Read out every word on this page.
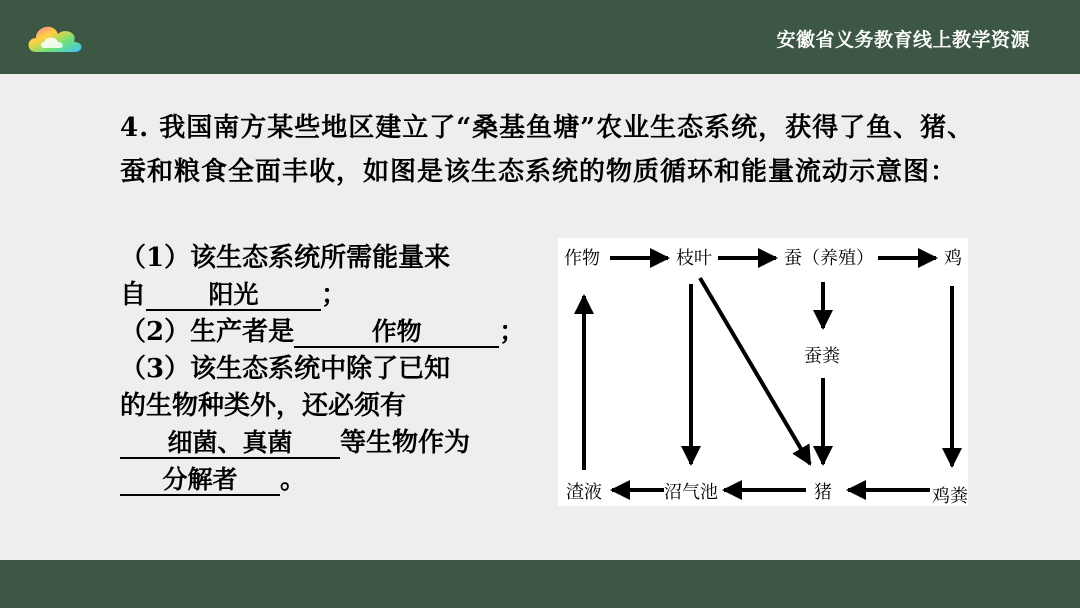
安徽省义务教育线上教学资源
4. 我国南方某些地区建立了“桑基鱼塘”农业生态系统，获得了鱼、猪、蚕和粮食全面丰收，如图是该生态系统的物质循环和能量流动示意图：
（1）该生态系统所需能量来
自 阳光 ；
（2）生产者是	作物	；
（3）该生态系统中除了已知
的生物种类外，还必须有
细菌、真菌 等生物作为
分解者 。
作物	枝叶	蚕（养殖）	鸡
蚕粪
渣液	沼气池	猪	鸡粪
